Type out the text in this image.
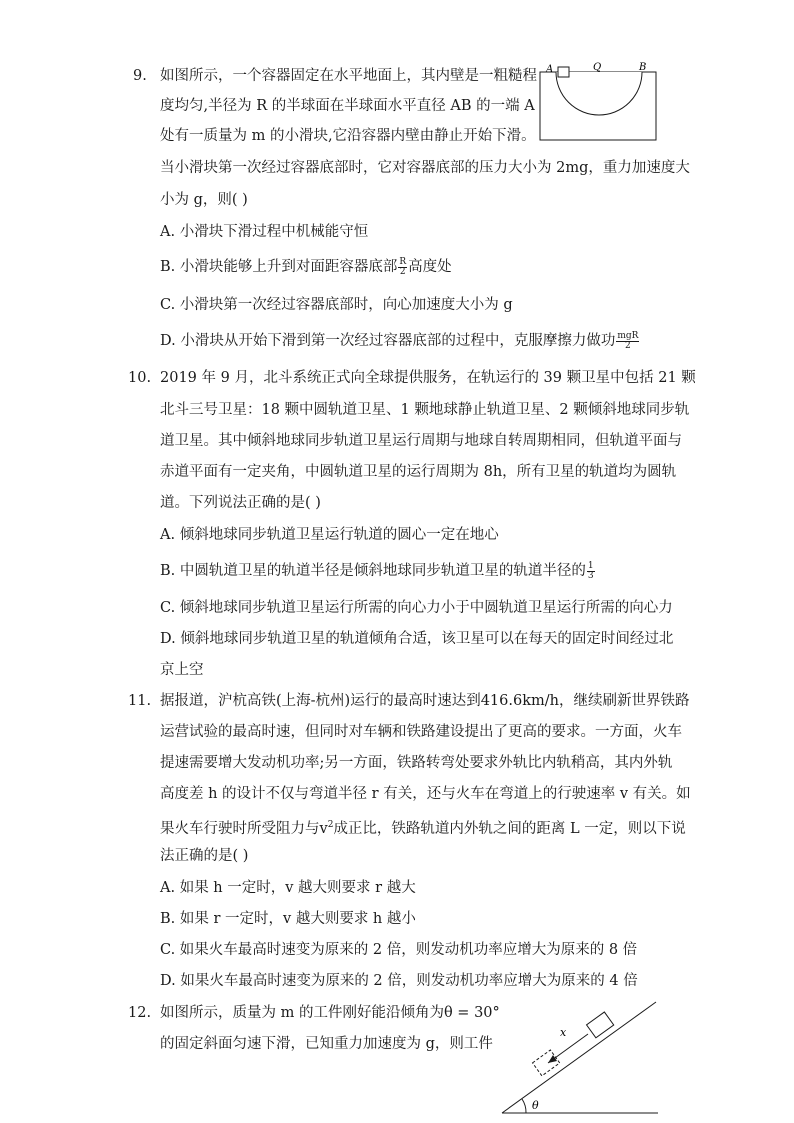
9. 如图所示，一个容器固定在水平地面上，其内壁是一粗糙程
度均匀,半径为 R 的半球面在半球面水平直径 AB 的一端 A
处有一质量为 m 的小滑块,它沿容器内壁由静止开始下滑。
当小滑块第一次经过容器底部时，它对容器底部的压力大小为 2mg，重力加速度大
小为 g，则( )
A. 小滑块下滑过程中机械能守恒
B. 小滑块能够上升到对面距容器底部 $\frac{R}{2}$ 高度处
C. 小滑块第一次经过容器底部时，向心加速度大小为 g
D. 小滑块从开始下滑到第一次经过容器底部的过程中，克服摩擦力做功 $\frac{\text{mgR}}{2}$
A	Q	B
10. 2019 年 9 月，北斗系统正式向全球提供服务，在轨运行的 39 颗卫星中包括 21 颗
北斗三号卫星：18 颗中圆轨道卫星、1 颗地球静止轨道卫星、2 颗倾斜地球同步轨
道卫星。其中倾斜地球同步轨道卫星运行周期与地球自转周期相同，但轨道平面与
赤道平面有一定夹角，中圆轨道卫星的运行周期为 8h，所有卫星的轨道均为圆轨
道。下列说法正确的是( )
A. 倾斜地球同步轨道卫星运行轨道的圆心一定在地心
B. 中圆轨道卫星的轨道半径是倾斜地球同步轨道卫星的轨道半径的 $\frac{1}{3}$
C. 倾斜地球同步轨道卫星运行所需的向心力小于中圆轨道卫星运行所需的向心力
D. 倾斜地球同步轨道卫星的轨道倾角合适，该卫星可以在每天的固定时间经过北
京上空
11. 据报道，沪杭高铁(上海-杭州)运行的最高时速达到416.6km/h，继续刷新世界铁路
运营试验的最高时速，但同时对车辆和铁路建设提出了更高的要求。一方面，火车
提速需要增大发动机功率;另一方面，铁路转弯处要求外轨比内轨稍高，其内外轨
高度差 h 的设计不仅与弯道半径 r 有关，还与火车在弯道上的行驶速率 v 有关。如
果火车行驶时所受阻力与$v^2$成正比，铁路轨道内外轨之间的距离 L 一定，则以下说
法正确的是( )
A. 如果 h 一定时，v 越大则要求 r 越大
B. 如果 r 一定时，v 越大则要求 h 越小
C. 如果火车最高时速变为原来的 2 倍，则发动机功率应增大为原来的 8 倍
D. 如果火车最高时速变为原来的 2 倍，则发动机功率应增大为原来的 4 倍
12. 如图所示，质量为 m 的工件刚好能沿倾角为θ = 30°
的固定斜面匀速下滑，已知重力加速度为 g，则工件
x
θ
